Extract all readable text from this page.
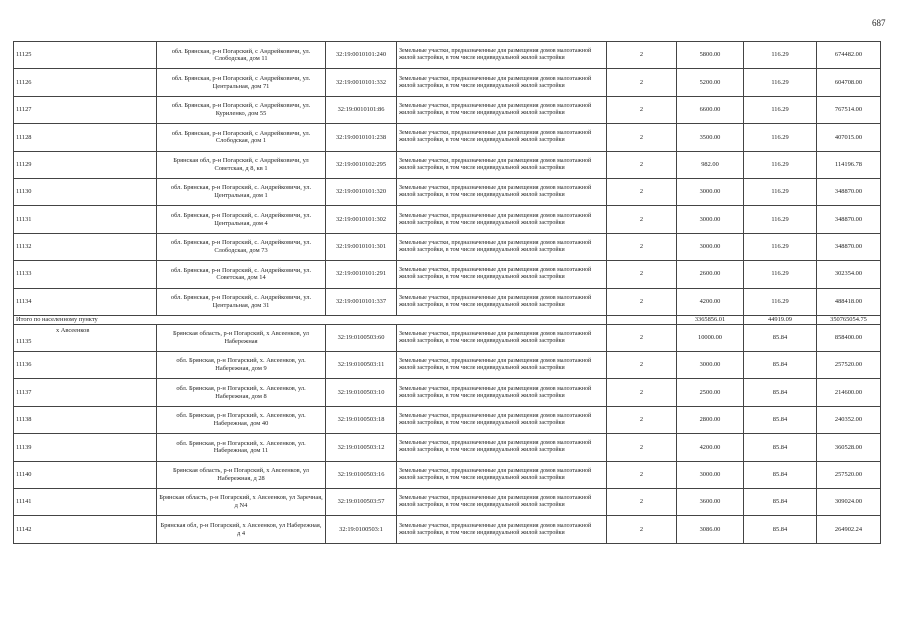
687
11125	обл. Брянская, р-н Погарский, с Андрейковичи, ул. Слободская, дом 11	32:19:0010101:240	Земельные участки, предназначенные для размещения домов малоэтажной жилой застройки, в том числе индивидуальной жилой застройки	2	5800.00	116.29	674482.00
11126	обл. Брянская, р-н Погарский, с Андрейковичи, ул. Центральная, дом 71	32:19:0010101:332	Земельные участки, предназначенные для размещения домов малоэтажной жилой застройки, в том числе индивидуальной жилой застройки	2	5200.00	116.29	604708.00
11127	обл. Брянская, р-н Погарский, с Андрейковичи, ул. Куриленко, дом 55	32:19:0010101:86	Земельные участки, предназначенные для размещения домов малоэтажной жилой застройки, в том числе индивидуальной жилой застройки	2	6600.00	116.29	767514.00
11128	обл. Брянская, р-н Погарский, с Андрейковичи, ул. Слободская, дом 1	32:19:0010101:238	Земельные участки, предназначенные для размещения домов малоэтажной жилой застройки, в том числе индивидуальной жилой застройки	2	3500.00	116.29	407015.00
11129	Брянская обл, р-н Погарский, с Андрейковичи, ул Советская, д 8, кв 1	32:19:0010102:295	Земельные участки, предназначенные для размещения домов малоэтажной жилой застройки, в том числе индивидуальной жилой застройки	2	982.00	116.29	114196.78
11130	обл. Брянская, р-н Погарский, с. Андрейковичи, ул. Центральная, дом 1	32:19:0010101:320	Земельные участки, предназначенные для размещения домов малоэтажной жилой застройки, в том числе индивидуальной жилой застройки	2	3000.00	116.29	348870.00
11131	обл. Брянская, р-н Погарский, с. Андрейковичи, ул. Центральная, дом 4	32:19:0010101:302	Земельные участки, предназначенные для размещения домов малоэтажной жилой застройки, в том числе индивидуальной жилой застройки	2	3000.00	116.29	348870.00
11132	обл. Брянская, р-н Погарский, с. Андрейковичи, ул. Слободская, дом 73	32:19:0010101:301	Земельные участки, предназначенные для размещения домов малоэтажной жилой застройки, в том числе индивидуальной жилой застройки	2	3000.00	116.29	348870.00
11133	обл. Брянская, р-н Погарский, с. Андрейковичи, ул. Советская, дом 14	32:19:0010101:291	Земельные участки, предназначенные для размещения домов малоэтажной жилой застройки, в том числе индивидуальной жилой застройки	2	2600.00	116.29	302354.00
11134	обл. Брянская, р-н Погарский, с. Андрейковичи, ул. Центральная, дом 31	32:19:0010101:337	Земельные участки, предназначенные для размещения домов малоэтажной жилой застройки, в том числе индивидуальной жилой застройки	2	4200.00	116.29	488418.00
Итого по населенному пункту					3365856.01	44919.09	350765054.75

х Авсеенков
11135	Брянская область, р-н Погарский, х Авсеенков, ул Набережная	32:19:0100503:60	Земельные участки, предназначенные для размещения домов малоэтажной жилой застройки, в том числе индивидуальной жилой застройки	2	10000.00	85.84	858400.00
11136	обл. Брянская, р-н Погарский, х. Авсеенков, ул. Набережная, дом 9	32:19:0100503:11	Земельные участки, предназначенные для размещения домов малоэтажной жилой застройки, в том числе индивидуальной жилой застройки	2	3000.00	85.84	257520.00
11137	обл. Брянская, р-н Погарский, х. Авсеенков, ул. Набережная, дом 8	32:19:0100503:10	Земельные участки, предназначенные для размещения домов малоэтажной жилой застройки, в том числе индивидуальной жилой застройки	2	2500.00	85.84	214600.00
11138	обл. Брянская, р-н Погарский, х. Авсеенков, ул. Набережная, дом 40	32:19:0100503:18	Земельные участки, предназначенные для размещения домов малоэтажной жилой застройки, в том числе индивидуальной жилой застройки	2	2800.00	85.84	240352.00
11139	обл. Брянская, р-н Погарский, х. Авсеенков, ул. Набережная, дом 11	32:19:0100503:12	Земельные участки, предназначенные для размещения домов малоэтажной жилой застройки, в том числе индивидуальной жилой застройки	2	4200.00	85.84	360528.00
11140	Брянская область, р-н Погарский, х Авсеенков, ул Набережная, д 28	32:19:0100503:16	Земельные участки, предназначенные для размещения домов малоэтажной жилой застройки, в том числе индивидуальной жилой застройки	2	3000.00	85.84	257520.00
11141	Брянская область, р-н Погарский, х Авсеенков, ул Заречная, д N4	32:19:0100503:57	Земельные участки, предназначенные для размещения домов малоэтажной жилой застройки, в том числе индивидуальной жилой застройки	2	3600.00	85.84	309024.00
11142	Брянская обл, р-н Погарский, х Авсеенков, ул Набережная, д 4	32:19:0100503:1	Земельные участки, предназначенные для размещения домов малоэтажной жилой застройки, в том числе индивидуальной жилой застройки	2	3086.00	85.84	264902.24
